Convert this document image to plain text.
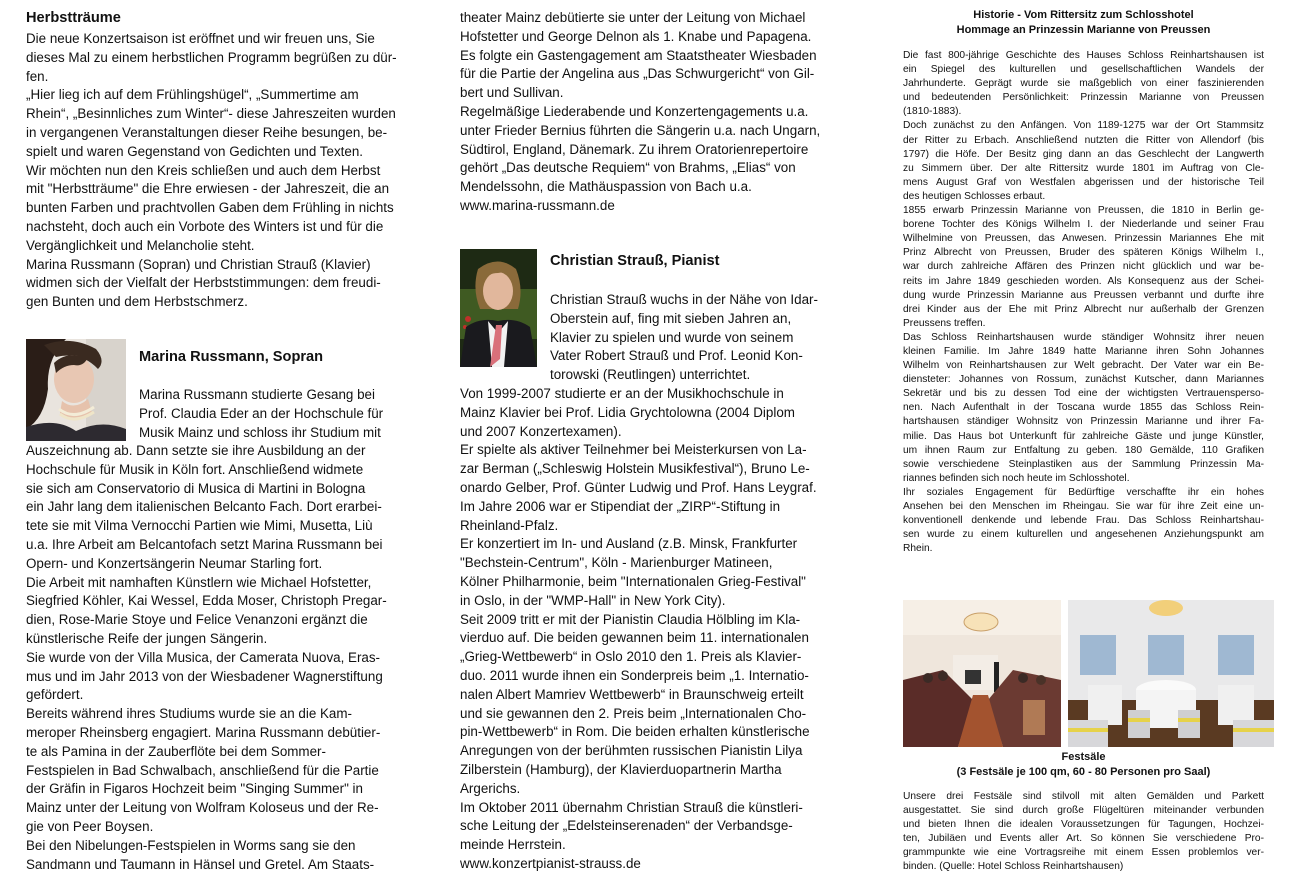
Herbstträume
Die neue Konzertsaison ist eröffnet und wir freuen uns, Sie
dieses Mal zu einem herbstlichen Programm begrüßen zu dür-
fen.
„Hier lieg ich auf dem Frühlingshügel“, „Summertime am
Rhein“, „Besinnliches zum Winter“- diese Jahreszeiten wurden
in vergangenen Veranstaltungen dieser Reihe besungen, be-
spielt und waren Gegenstand von Gedichten und Texten.
Wir möchten nun den Kreis schließen und auch dem Herbst
mit "Herbstträume" die Ehre erwiesen - der Jahreszeit, die an
bunten Farben und prachtvollen Gaben dem Frühling in nichts
nachsteht, doch auch ein Vorbote des Winters ist und für die
Vergänglichkeit und Melancholie steht.
Marina Russmann (Sopran) und Christian Strauß (Klavier)
widmen sich der Vielfalt der Herbststimmungen: dem freudi-
gen Bunten und dem Herbstschmerz.
Marina Russmann, Sopran
Marina Russmann studierte Gesang bei
Prof. Claudia Eder an der Hochschule für
Musik Mainz und schloss ihr Studium mit
Auszeichnung ab. Dann setzte sie ihre Ausbildung an der
Hochschule für Musik in Köln fort. Anschließend widmete
sie sich am Conservatorio di Musica di Martini in Bologna
ein Jahr lang dem italienischen Belcanto Fach. Dort erarbei-
tete sie mit Vilma Vernocchi Partien wie Mimi, Musetta, Liù
u.a. Ihre Arbeit am Belcantofach setzt Marina Russmann bei
Opern- und Konzertsängerin Neumar Starling fort.
Die Arbeit mit namhaften Künstlern wie Michael Hofstetter,
Siegfried Köhler, Kai Wessel, Edda Moser, Christoph Pregar-
dien, Rose-Marie Stoye und Felice Venanzoni ergänzt die
künstlerische Reife der jungen Sängerin.
Sie wurde von der Villa Musica, der Camerata Nuova, Eras-
mus und im Jahr 2013 von der Wiesbadener Wagnerstiftung
gefördert.
Bereits während ihres Studiums wurde sie an die Kam-
meroper Rheinsberg engagiert. Marina Russmann debütier-
te als Pamina in der Zauberflöte bei dem Sommer-
Festspielen in Bad Schwalbach, anschließend für die Partie
der Gräfin in Figaros Hochzeit beim "Singing Summer" in
Mainz unter der Leitung von Wolfram Koloseus und der Re-
gie von Peer Boysen.
Bei den Nibelungen-Festspielen in Worms sang sie den
Sandmann und Taumann in Hänsel und Gretel. Am Staats-
theater Mainz debütierte sie unter der Leitung von Michael
Hofstetter und George Delnon als 1. Knabe und Papagena.
Es folgte ein Gastengagement am Staatstheater Wiesbaden
für die Partie der Angelina aus „Das Schwurgericht“ von Gil-
bert und Sullivan.
Regelmäßige Liederabende und Konzertengagements u.a.
unter Frieder Bernius führten die Sängerin u.a. nach Ungarn,
Südtirol, England, Dänemark. Zu ihrem Oratorienrepertoire
gehört „Das deutsche Requiem“ von Brahms, „Elias“ von
Mendelssohn, die Mathäuspassion von Bach u.a.
www.marina-russmann.de
Christian Strauß, Pianist
Christian Strauß wuchs in der Nähe von Idar-
Oberstein auf, fing mit sieben Jahren an,
Klavier zu spielen und wurde von seinem
Vater Robert Strauß und Prof. Leonid Kon-
torowski (Reutlingen) unterrichtet.
Von 1999-2007 studierte er an der Musikhochschule in
Mainz Klavier bei Prof. Lidia Grychtolowna (2004 Diplom
und 2007 Konzertexamen).
Er spielte als aktiver Teilnehmer bei Meisterkursen von La-
zar Berman („Schleswig Holstein Musikfestival“), Bruno Le-
onardo Gelber, Prof. Günter Ludwig und Prof. Hans Leygraf.
Im Jahre 2006 war er Stipendiat der „ZIRP“-Stiftung in
Rheinland-Pfalz.
Er konzertiert im In- und Ausland (z.B. Minsk, Frankfurter
"Bechstein-Centrum", Köln - Marienburger Matineen,
Kölner Philharmonie, beim "Internationalen Grieg-Festival"
in Oslo, in der "WMP-Hall" in New York City).
Seit 2009 tritt er mit der Pianistin Claudia Hölbling im Kla-
vierduo auf. Die beiden gewannen beim 11. internationalen
„Grieg-Wettbewerb“ in Oslo 2010 den 1. Preis als Klavier-
duo. 2011 wurde ihnen ein Sonderpreis beim „1. Internatio-
nalen Albert Mamriev Wettbewerb“ in Braunschweig erteilt
und sie gewannen den 2. Preis beim „Internationalen Cho-
pin-Wettbewerb“ in Rom. Die beiden erhalten künstlerische
Anregungen von der berühmten russischen Pianistin Lilya
Zilberstein (Hamburg), der Klavierduopartnerin Martha
Argerichs.
Im Oktober 2011 übernahm Christian Strauß die künstleri-
sche Leitung der „Edelsteinserenaden“ der Verbandsge-
meinde Herrstein.
www.konzertpianist-strauss.de
Historie - Vom Rittersitz zum Schlosshotel
Hommage an Prinzessin Marianne von Preussen
Die fast 800-jährige Geschichte des Hauses Schloss Reinhartshausen ist
ein Spiegel des kulturellen und gesellschaftlichen Wandels der
Jahrhunderte. Geprägt wurde sie maßgeblich von einer faszinierenden
und bedeutenden Persönlichkeit: Prinzessin Marianne von Preussen
(1810-1883).
Doch zunächst zu den Anfängen. Von 1189-1275 war der Ort Stammsitz
der Ritter zu Erbach. Anschließend nutzten die Ritter von Allendorf (bis
1797) die Höfe. Der Besitz ging dann an das Geschlecht der Langwerth
zu Simmern über. Der alte Rittersitz wurde 1801 im Auftrag von Cle-
mens August Graf von Westfalen abgerissen und der historische Teil
des heutigen Schlosses erbaut.
1855 erwarb Prinzessin Marianne von Preussen, die 1810 in Berlin ge-
borene Tochter des Königs Wilhelm I. der Niederlande und seiner Frau
Wilhelmine von Preussen, das Anwesen. Prinzessin Mariannes Ehe mit
Prinz Albrecht von Preussen, Bruder des späteren Königs Wilhelm I.,
war durch zahlreiche Affären des Prinzen nicht glücklich und war be-
reits im Jahre 1849 geschieden worden. Als Konsequenz aus der Schei-
dung wurde Prinzessin Marianne aus Preussen verbannt und durfte ihre
drei Kinder aus der Ehe mit Prinz Albrecht nur außerhalb der Grenzen
Preussens treffen.
Das Schloss Reinhartshausen wurde ständiger Wohnsitz ihrer neuen
kleinen Familie. Im Jahre 1849 hatte Marianne ihren Sohn Johannes
Wilhelm von Reinhartshausen zur Welt gebracht. Der Vater war ein Be-
diensteter: Johannes von Rossum, zunächst Kutscher, dann Mariannes
Sekretär und bis zu dessen Tod eine der wichtigsten Vertrauensperso-
nen. Nach Aufenthalt in der Toscana wurde 1855 das Schloss Rein-
hartshausen ständiger Wohnsitz von Prinzessin Marianne und ihrer Fa-
milie. Das Haus bot Unterkunft für zahlreiche Gäste und junge Künstler,
um ihnen Raum zur Entfaltung zu geben. 180 Gemälde, 110 Grafiken
sowie verschiedene Steinplastiken aus der Sammlung Prinzessin Ma-
riannes befinden sich noch heute im Schlosshotel.
Ihr soziales Engagement für Bedürftige verschaffte ihr ein hohes
Ansehen bei den Menschen im Rheingau. Sie war für ihre Zeit eine un-
konventionell denkende und lebende Frau. Das Schloss Reinhartshau-
sen wurde zu einem kulturellen und angesehenen Anziehungspunkt am
Rhein.
Festsäle
(3 Festsäle je 100 qm, 60 - 80 Personen pro Saal)
Unsere drei Festsäle sind stilvoll mit alten Gemälden und Parkett
ausgestattet. Sie sind durch große Flügeltüren miteinander verbunden
und bieten Ihnen die idealen Voraussetzungen für Tagungen, Hochzei-
ten, Jubiläen und Events aller Art. So können Sie verschiedene Pro-
grammpunkte wie eine Vortragsreihe mit einem Essen problemlos ver-
binden. (Quelle: Hotel Schloss Reinhartshausen)
